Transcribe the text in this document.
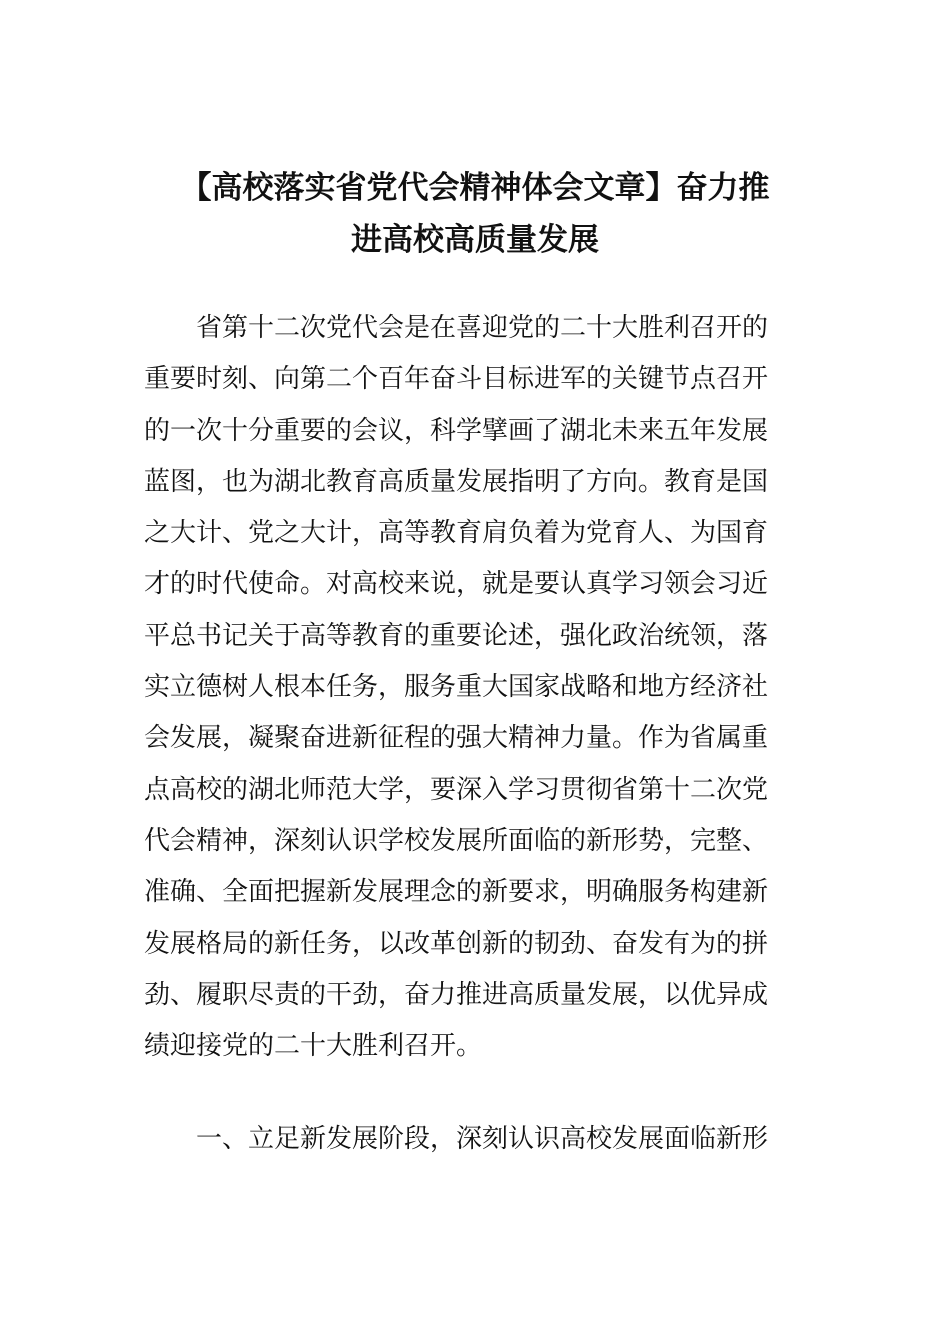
【高校落实省党代会精神体会文章】奋力推
进高校高质量发展

　　省第十二次党代会是在喜迎党的二十大胜利召开的
重要时刻、向第二个百年奋斗目标进军的关键节点召开
的一次十分重要的会议，科学擘画了湖北未来五年发展
蓝图，也为湖北教育高质量发展指明了方向。教育是国
之大计、党之大计，高等教育肩负着为党育人、为国育
才的时代使命。对高校来说，就是要认真学习领会习近
平总书记关于高等教育的重要论述，强化政治统领，落
实立德树人根本任务，服务重大国家战略和地方经济社
会发展，凝聚奋进新征程的强大精神力量。作为省属重
点高校的湖北师范大学，要深入学习贯彻省第十二次党
代会精神，深刻认识学校发展所面临的新形势，完整、
准确、全面把握新发展理念的新要求，明确服务构建新
发展格局的新任务，以改革创新的韧劲、奋发有为的拼
劲、履职尽责的干劲，奋力推进高质量发展，以优异成
绩迎接党的二十大胜利召开。

　　一、立足新发展阶段，深刻认识高校发展面临新形
